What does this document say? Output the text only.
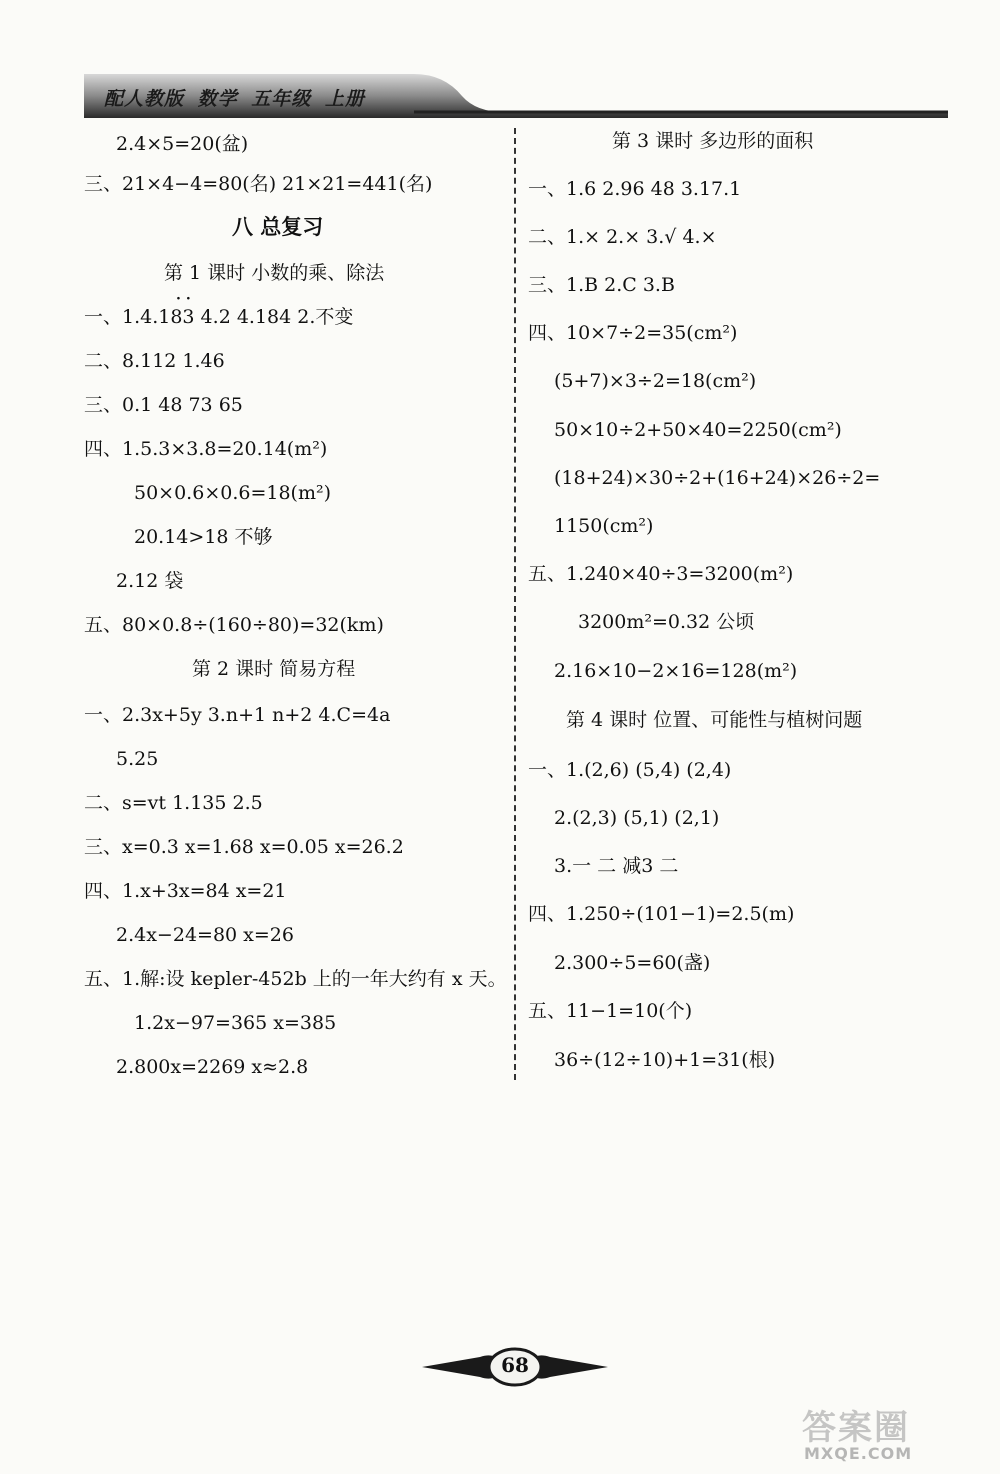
配人教版 数学 五年级 上册
2.4×5=20(盆)
三、21×4−4=80(名) 21×21=441(名)
八 总复习
第 1 课时 小数的乘、除法
··
一、1.4.183 4.2 4.184 2.不变
二、8.112 1.46
三、0.1 48 73 65
四、1.5.3×3.8=20.14(m²)
50×0.6×0.6=18(m²)
20.14>18 不够
2.12 袋
五、80×0.8÷(160÷80)=32(km)
第 2 课时 简易方程
一、2.3x+5y 3.n+1 n+2 4.C=4a
5.25
二、s=vt 1.135 2.5
三、x=0.3 x=1.68 x=0.05 x=26.2
四、1.x+3x=84 x=21
2.4x−24=80 x=26
五、1.解:设 kepler-452b 上的一年大约有 x 天。
1.2x−97=365 x=385
2.800x=2269 x≈2.8
第 3 课时 多边形的面积
一、1.6 2.96 48 3.17.1
二、1.× 2.× 3.√ 4.×
三、1.B 2.C 3.B
四、10×7÷2=35(cm²)
(5+7)×3÷2=18(cm²)
50×10÷2+50×40=2250(cm²)
(18+24)×30÷2+(16+24)×26÷2=
1150(cm²)
五、1.240×40÷3=3200(m²)
3200m²=0.32 公顷
2.16×10−2×16=128(m²)
第 4 课时 位置、可能性与植树问题
一、1.(2,6) (5,4) (2,4)
2.(2,3) (5,1) (2,1)
3.一 二 减3 二
四、1.250÷(101−1)=2.5(m)
2.300÷5=60(盏)
五、11−1=10(个)
36÷(12÷10)+1=31(根)
68
答案圈
MXQE.COM
